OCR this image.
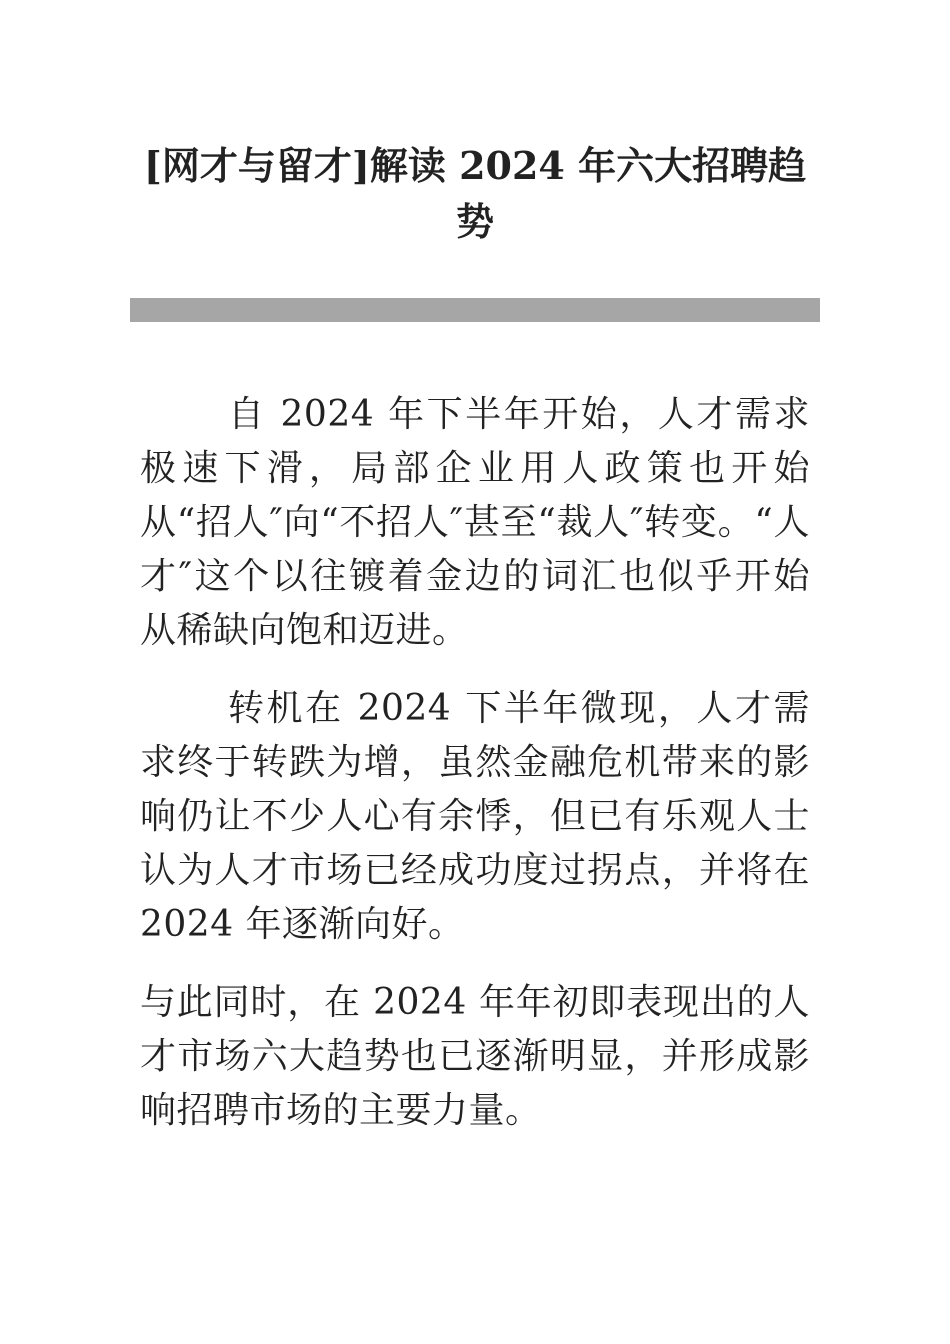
[网才与留才]解读 2024 年六大招聘趋势

自 2024 年下半年开始，人才需求极速下滑，局部企业用人政策也开始从“招人″向“不招人″甚至“裁人″转变。“人才″这个以往镀着金边的词汇也似乎开始从稀缺向饱和迈进。

转机在 2024 下半年微现，人才需求终于转跌为增，虽然金融危机带来的影响仍让不少人心有余悸，但已有乐观人士认为人才市场已经成功度过拐点，并将在 2024 年逐渐向好。

与此同时，在 2024 年年初即表现出的人才市场六大趋势也已逐渐明显，并形成影响招聘市场的主要力量。
